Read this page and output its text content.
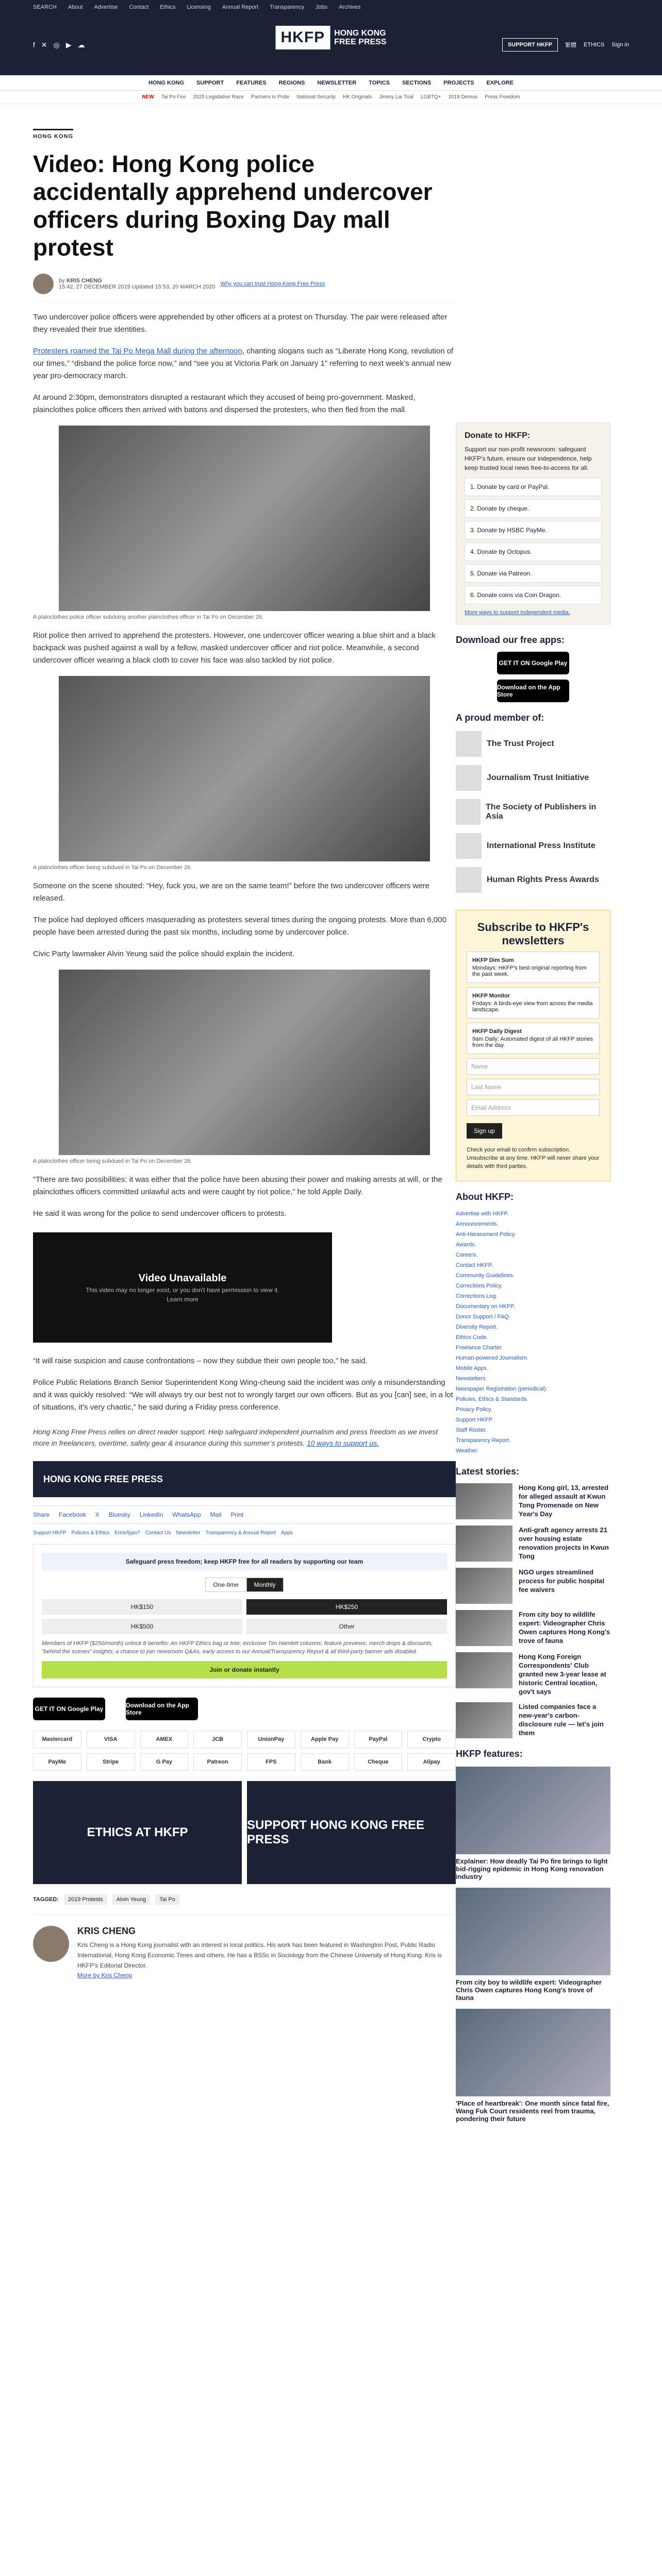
SEARCH About Advertise Contact Ethics Licensing Annual Report Transparency Jobs Archives
f ✕ ◎ ▶ ☁	HKFP	HONG KONG
FREE PRESS	SUPPORT HKFP	繁體 ETHICS Sign in
HONG KONG SUPPORT FEATURES REGIONS NEWSLETTER TOPICS SECTIONS PROJECTS EXPLORE
NEW Tai Po Fire 2025 Legislative Race Partners in Pride National Security HK Originals Jimmy Lai Trial LGBTQ+ 2019 Demos Press Freedom
HONG KONG
Video: Hong Kong police accidentally apprehend undercover officers during Boxing Day mall protest
by KRIS CHENG
15:42, 27 DECEMBER 2019 Updated 15:53, 20 MARCH 2020 Why you can trust Hong Kong Free Press

Two undercover police officers were apprehended by other officers at a protest on Thursday. The pair were released after they revealed their true identities.

Protesters roamed the Tai Po Mega Mall during the afternoon, chanting slogans such as “Liberate Hong Kong, revolution of our times,” “disband the police force now,” and “see you at Victoria Park on January 1” referring to next week’s annual new year pro-democracy march.

At around 2:30pm, demonstrators disrupted a restaurant which they accused of being pro-government. Masked, plainclothes police officers then arrived with batons and dispersed the protesters, who then fled from the mall.

A plainclothes police officer subduing another plainclothes officer in Tai Po on December 26.

Riot police then arrived to apprehend the protesters. However, one undercover officer wearing a blue shirt and a black backpack was pushed against a wall by a fellow, masked undercover officer and riot police. Meanwhile, a second undercover officer wearing a black cloth to cover his face was also tackled by riot police.

A plainclothes officer being subdued in Tai Po on December 26.

Someone on the scene shouted: “Hey, fuck you, we are on the same team!” before the two undercover officers were released.

The police had deployed officers masquerading as protesters several times during the ongoing protests. More than 6,000 people have been arrested during the past six months, including some by undercover police.

Civic Party lawmaker Alvin Yeung said the police should explain the incident.

A plainclothes officer being subdued in Tai Po on December 26.

“There are two possibilities: it was either that the police have been abusing their power and making arrests at will, or the plainclothes officers committed unlawful acts and were caught by riot police,” he told Apple Daily.

He said it was wrong for the police to send undercover officers to protests.

Video Unavailable
This video may no longer exist, or you don't have permission to view it.
Learn more

“It will raise suspicion and cause confrontations – now they subdue their own people too,” he said.

Police Public Relations Branch Senior Superintendent Kong Wing-cheung said the incident was only a misunderstanding and it was quickly resolved: “We will always try our best not to wrongly target our own officers. But as you [can] see, in a lot of situations, it’s very chaotic,” he said during a Friday press conference.

Hong Kong Free Press relies on direct reader support. Help safeguard independent journalism and press freedom as we invest more in freelancers, overtime, safety gear & insurance during this summer’s protests. 10 ways to support us.
HONG KONG FREE PRESS
Share Facebook X Bluesky LinkedIn WhatsApp Mail Print
Support HKFP Policies & Ethics Error/typo? Contact Us Newsletter Transparency & Annual Report Apps
Safeguard press freedom; keep HKFP free for all readers by supporting our team
One-time	Monthly
HK$150	HK$250
HK$500	Other

Members of HKFP ($250/month) unlock 8 benefits: An HKFP Ethics bag or tote; exclusive Tim Hamlett columns; feature previews, merch drops & discounts, “behind the scenes” insights; a chance to join newsroom Q&As, early access to our Annual/Transparency Report & all third-party banner ads disabled.

Join or donate instantly
GET IT ON Google Play	Download on the App Store
Mastercard	VISA	AMEX	JCB	UnionPay	Apple Pay	PayPal	Crypto
PayMe	Stripe	G Pay	Patreon	FPS	Bank	Cheque	Alipay
ETHICS AT HKFP
SUPPORT HONG KONG FREE PRESS
TAGGED:	2019 Protests	Alvin Yeung	Tai Po
KRIS CHENG

Kris Cheng is a Hong Kong journalist with an interest in local politics. His work has been featured in Washington Post, Public Radio International, Hong Kong Economic Times and others. He has a BSSc in Sociology from the Chinese University of Hong Kong. Kris is HKFP's Editorial Director.

More by Kris Cheng
Donate to HKFP:

Support our non-profit newsroom: safeguard HKFP’s future, ensure our independence, help keep trusted local news free-to-access for all.

1. Donate by card or PayPal.
2. Donate by cheque.
3. Donate by HSBC PayMe.
4. Donate by Octopus.
5. Donate via Patreon.
6. Donate coins via Coin Dragon.
More ways to support independent media.
Download our free apps:
GET IT ON Google Play
Download on the App Store
A proud member of:
The Trust Project
Journalism Trust Initiative
The Society of Publishers in Asia
International Press Institute
Human Rights Press Awards
Subscribe to HKFP's newsletters
HKFP Dim Sum
Mondays: HKFP's best original reporting from the past week.
HKFP Monitor
Fridays: A birds-eye view from across the media landscape.
HKFP Daily Digest
9am Daily: Automated digest of all HKFP stories from the day.
Name
Last Name
Email Address
Sign up

Check your email to confirm subscription. Unsubscribe at any time. HKFP will never share your details with third parties.

About HKFP:
Advertise with HKFP.
Announcements.
Anti-Harassment Policy.
Awards.
Careers.
Contact HKFP.
Community Guidelines.
Corrections Policy.
Corrections Log.
Documentary on HKFP.
Donor Support / FAQ.
Diversity Report.
Ethics Code.
Freelance Charter.
Human-powered Journalism.
Mobile Apps.
Newsletters.
Newspaper Registration (periodical).
Policies, Ethics & Standards.
Privacy Policy.
Support HKFP.
Staff Roster.
Transparency Report.
Weather.
Latest stories:
Hong Kong girl, 13, arrested for alleged assault at Kwun Tong Promenade on New Year's Day
Anti-graft agency arrests 21 over housing estate renovation projects in Kwun Tong
NGO urges streamlined process for public hospital fee waivers
From city boy to wildlife expert: Videographer Chris Owen captures Hong Kong's trove of fauna
Hong Kong Foreign Correspondents' Club granted new 3-year lease at historic Central location, gov't says
Listed companies face a new-year's carbon-disclosure rule — let's join them
HKFP features:
Explainer: How deadly Tai Po fire brings to light bid-rigging epidemic in Hong Kong renovation industry
From city boy to wildlife expert: Videographer Chris Owen captures Hong Kong's trove of fauna
'Place of heartbreak': One month since fatal fire, Wang Fuk Court residents reel from trauma, pondering their future
